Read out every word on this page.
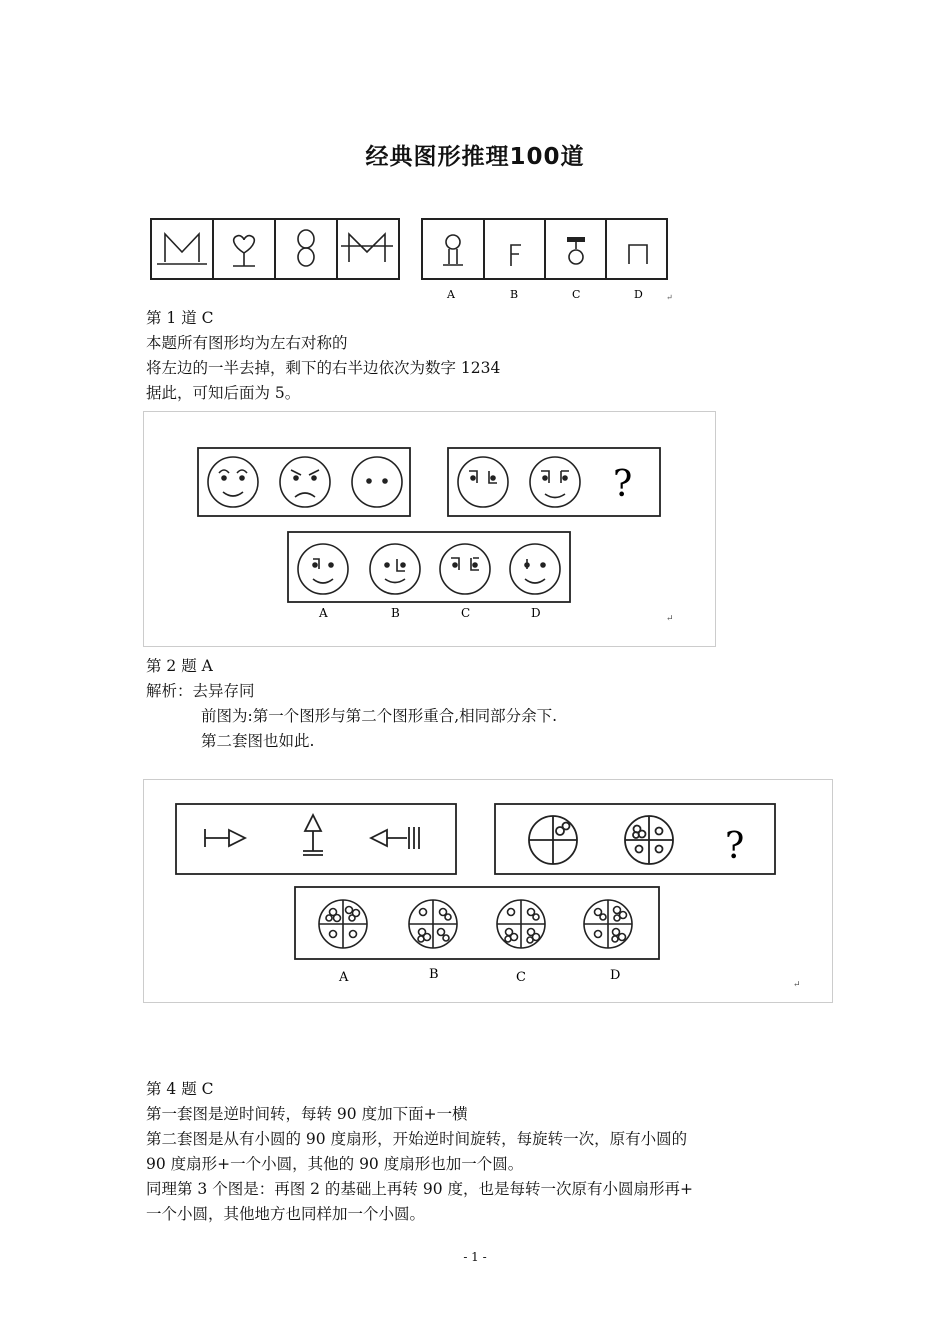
经典图形推理100道
A	B	C	D	↵
第 1 道 C
本题所有图形均为左右对称的
将左边的一半去掉，剩下的右半边依次为数字 1234
据此，可知后面为 5。
?
A	B	C	D	↵
第 2 题 A
解析：去异存同
前图为:第一个图形与第二个图形重合,相同部分余下.
第二套图也如此.
?
A	B	C	D
↵
第 4 题 C
第一套图是逆时间转，每转 90 度加下面+一横
第二套图是从有小圆的 90 度扇形，开始逆时间旋转，每旋转一次，原有小圆的
90 度扇形+一个小圆，其他的 90 度扇形也加一个圆。
同理第 3 个图是：再图 2 的基础上再转 90 度，也是每转一次原有小圆扇形再+
一个小圆，其他地方也同样加一个小圆。
- 1 -
